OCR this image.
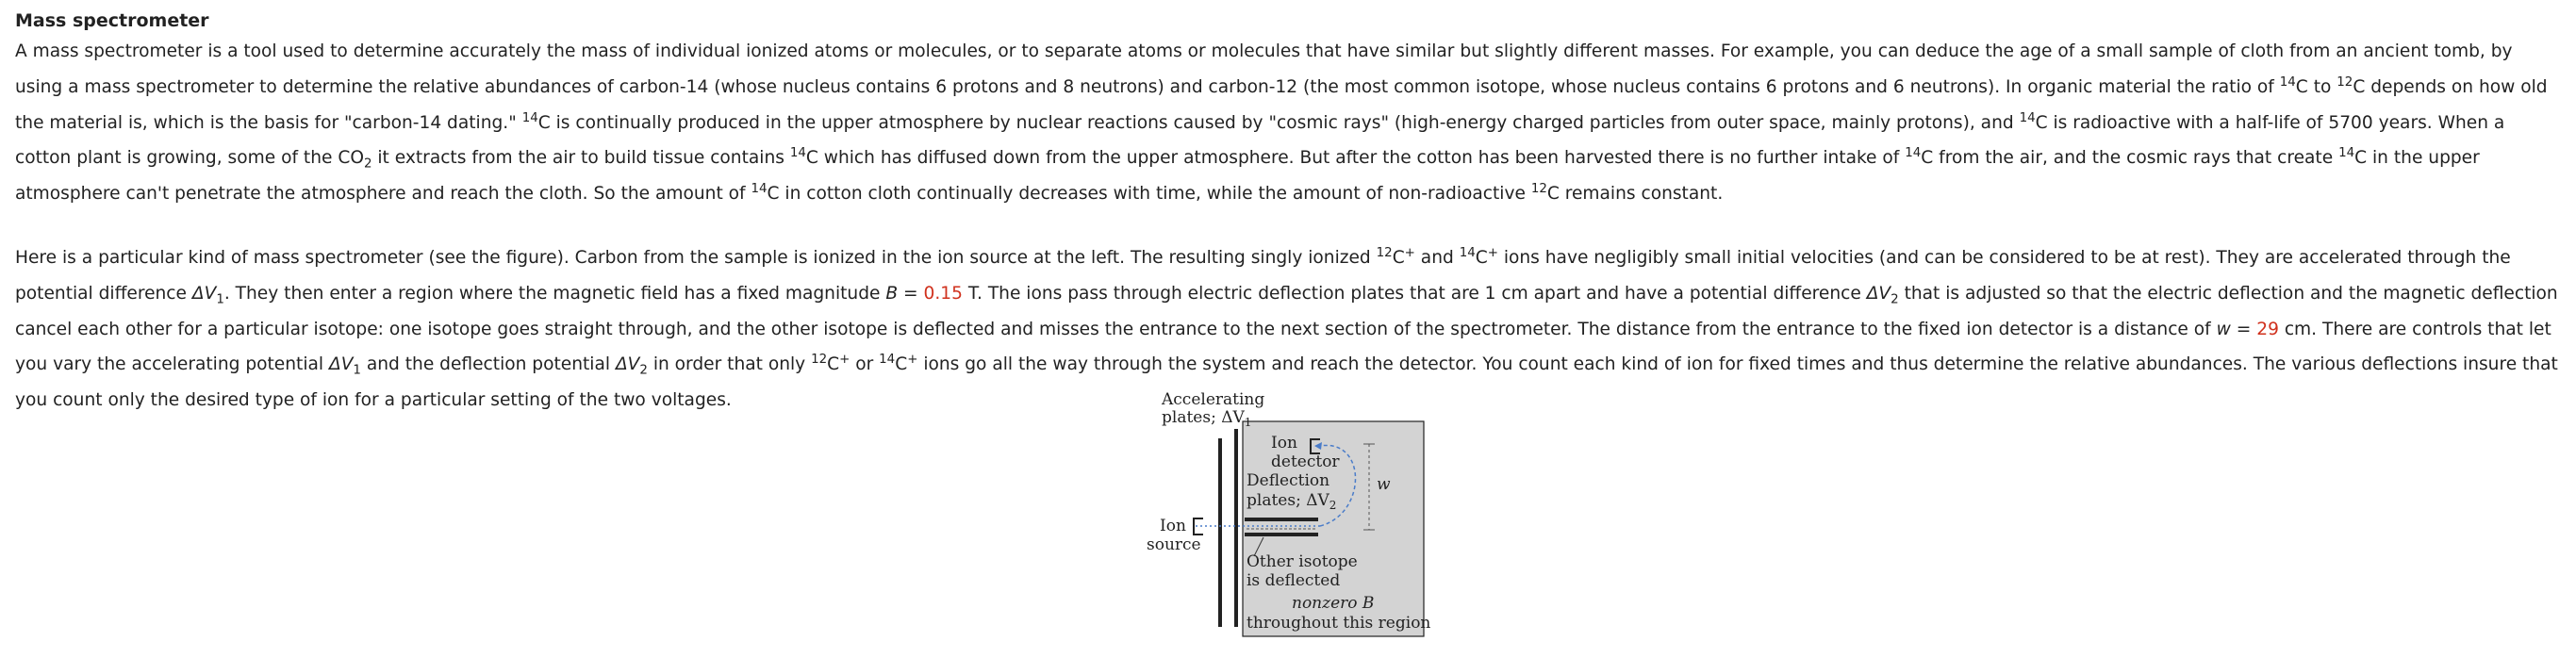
Mass spectrometer

A mass spectrometer is a tool used to determine accurately the mass of individual ionized atoms or molecules, or to separate atoms or molecules that have similar but slightly different masses. For example, you can deduce the age of a small sample of cloth from an ancient tomb, by using a mass spectrometer to determine the relative abundances of carbon-14 (whose nucleus contains 6 protons and 8 neutrons) and carbon-12 (the most common isotope, whose nucleus contains 6 protons and 6 neutrons). In organic material the ratio of $^{14}$C to $^{12}$C depends on how old the material is, which is the basis for "carbon-14 dating." $^{14}$C is continually produced in the upper atmosphere by nuclear reactions caused by "cosmic rays" (high-energy charged particles from outer space, mainly protons), and $^{14}$C is radioactive with a half-life of 5700 years. When a cotton plant is growing, some of the $CO_2$ it extracts from the air to build tissue contains $^{14}$C which has diffused down from the upper atmosphere. But after the cotton has been harvested there is no further intake of $^{14}$C from the air, and the cosmic rays that create $^{14}$C in the upper atmosphere can't penetrate the atmosphere and reach the cloth. So the amount of $^{14}$C in cotton cloth continually decreases with time, while the amount of non-radioactive $^{12}$C remains constant.

Here is a particular kind of mass spectrometer (see the figure). Carbon from the sample is ionized in the ion source at the left. The resulting singly ionized $^{12}$C+ and $^{14}$C+ ions have negligibly small initial velocities (and can be considered to be at rest). They are accelerated through the potential difference $\Delta V_1$. They then enter a region where the magnetic field has a fixed magnitude B = 0.15 T. The ions pass through electric deflection plates that are 1 cm apart and have a potential difference $\Delta V_2$ that is adjusted so that the electric deflection and the magnetic deflection cancel each other for a particular isotope: one isotope goes straight through, and the other isotope is deflected and misses the entrance to the next section of the spectrometer. The distance from the entrance to the fixed ion detector is a distance of w = 29 cm. There are controls that let you vary the accelerating potential $\Delta V_1$ and the deflection potential $\Delta V_2$ in order that only $^{12}$C+ or $^{14}$C+ ions go all the way through the system and reach the detector. You count each kind of ion for fixed times and thus determine the relative abundances. The various deflections insure that you count only the desired type of ion for a particular setting of the two voltages.	Accelerating
plates; $\Delta V_1$
Ion
detector
Deflection
plates; $\Delta V_2$
w
Ion
source
Other isotope
is deflected
nonzero B
throughout this region
